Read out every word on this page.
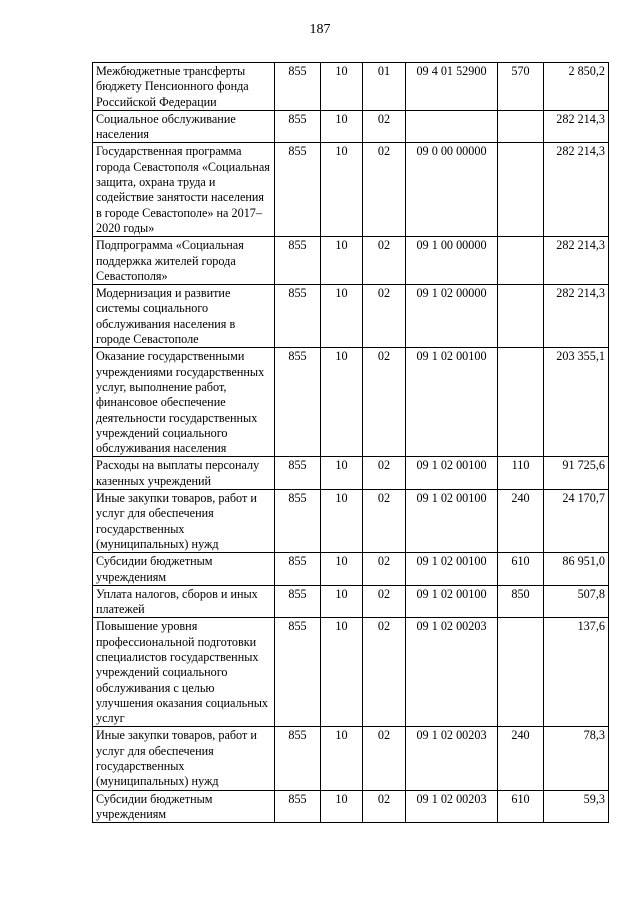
187
Межбюджетные трансферты бюджету Пенсионного фонда Российской Федерации	855	10	01	09 4 01 52900	570	2 850,2
Социальное обслуживание населения	855	10	02			282 214,3
Государственная программа города Севастополя «Социальная защита, охрана труда и содействие занятости населения в городе Севастополе» на 2017–2020 годы»	855	10	02	09 0 00 00000		282 214,3
Подпрограмма «Социальная поддержка жителей города Севастополя»	855	10	02	09 1 00 00000		282 214,3
Модернизация и развитие системы социального обслуживания населения в городе Севастополе	855	10	02	09 1 02 00000		282 214,3
Оказание государственными учреждениями государственных услуг, выполнение работ, финансовое обеспечение деятельности государственных учреждений социального обслуживания населения	855	10	02	09 1 02 00100		203 355,1
Расходы на выплаты персоналу казенных учреждений	855	10	02	09 1 02 00100	110	91 725,6
Иные закупки товаров, работ и услуг для обеспечения государственных (муниципальных) нужд	855	10	02	09 1 02 00100	240	24 170,7
Субсидии бюджетным учреждениям	855	10	02	09 1 02 00100	610	86 951,0
Уплата налогов, сборов и иных платежей	855	10	02	09 1 02 00100	850	507,8
Повышение уровня профессиональной подготовки специалистов государственных учреждений социального обслуживания с целью улучшения оказания социальных услуг	855	10	02	09 1 02 00203		137,6
Иные закупки товаров, работ и услуг для обеспечения государственных (муниципальных) нужд	855	10	02	09 1 02 00203	240	78,3
Субсидии бюджетным учреждениям	855	10	02	09 1 02 00203	610	59,3
